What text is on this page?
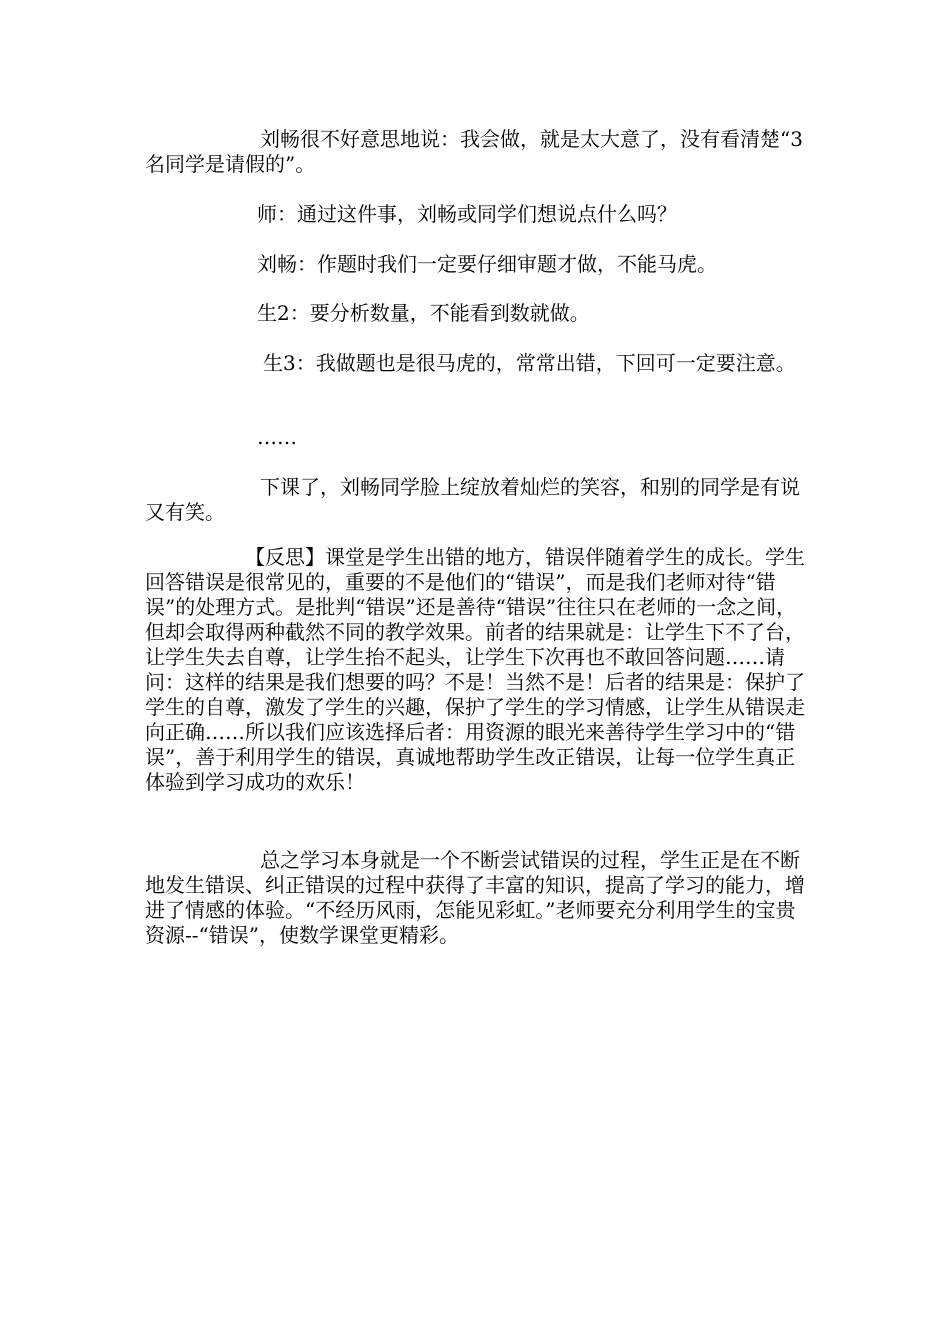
刘畅很不好意思地说：我会做，就是太大意了，没有看清楚“3名同学是请假的”。

师：通过这件事，刘畅或同学们想说点什么吗？

刘畅：作题时我们一定要仔细审题才做，不能马虎。

生2：要分析数量，不能看到数就做。

生3：我做题也是很马虎的，常常出错，下回可一定要注意。

……

下课了，刘畅同学脸上绽放着灿烂的笑容，和别的同学是有说又有笑。

【反思】课堂是学生出错的地方，错误伴随着学生的成长。学生回答错误是很常见的，重要的不是他们的“错误”，而是我们老师对待“错误”的处理方式。是批判“错误”还是善待“错误”往往只在老师的一念之间，但却会取得两种截然不同的教学效果。前者的结果就是：让学生下不了台，让学生失去自尊，让学生抬不起头，让学生下次再也不敢回答问题……请问：这样的结果是我们想要的吗？不是！当然不是！后者的结果是：保护了学生的自尊，激发了学生的兴趣，保护了学生的学习情感，让学生从错误走向正确……所以我们应该选择后者：用资源的眼光来善待学生学习中的“错误”，善于利用学生的错误，真诚地帮助学生改正错误，让每一位学生真正体验到学习成功的欢乐！

总之学习本身就是一个不断尝试错误的过程，学生正是在不断地发生错误、纠正错误的过程中获得了丰富的知识，提高了学习的能力，增进了情感的体验。“不经历风雨，怎能见彩虹。”老师要充分利用学生的宝贵资源--“错误”，使数学课堂更精彩。
